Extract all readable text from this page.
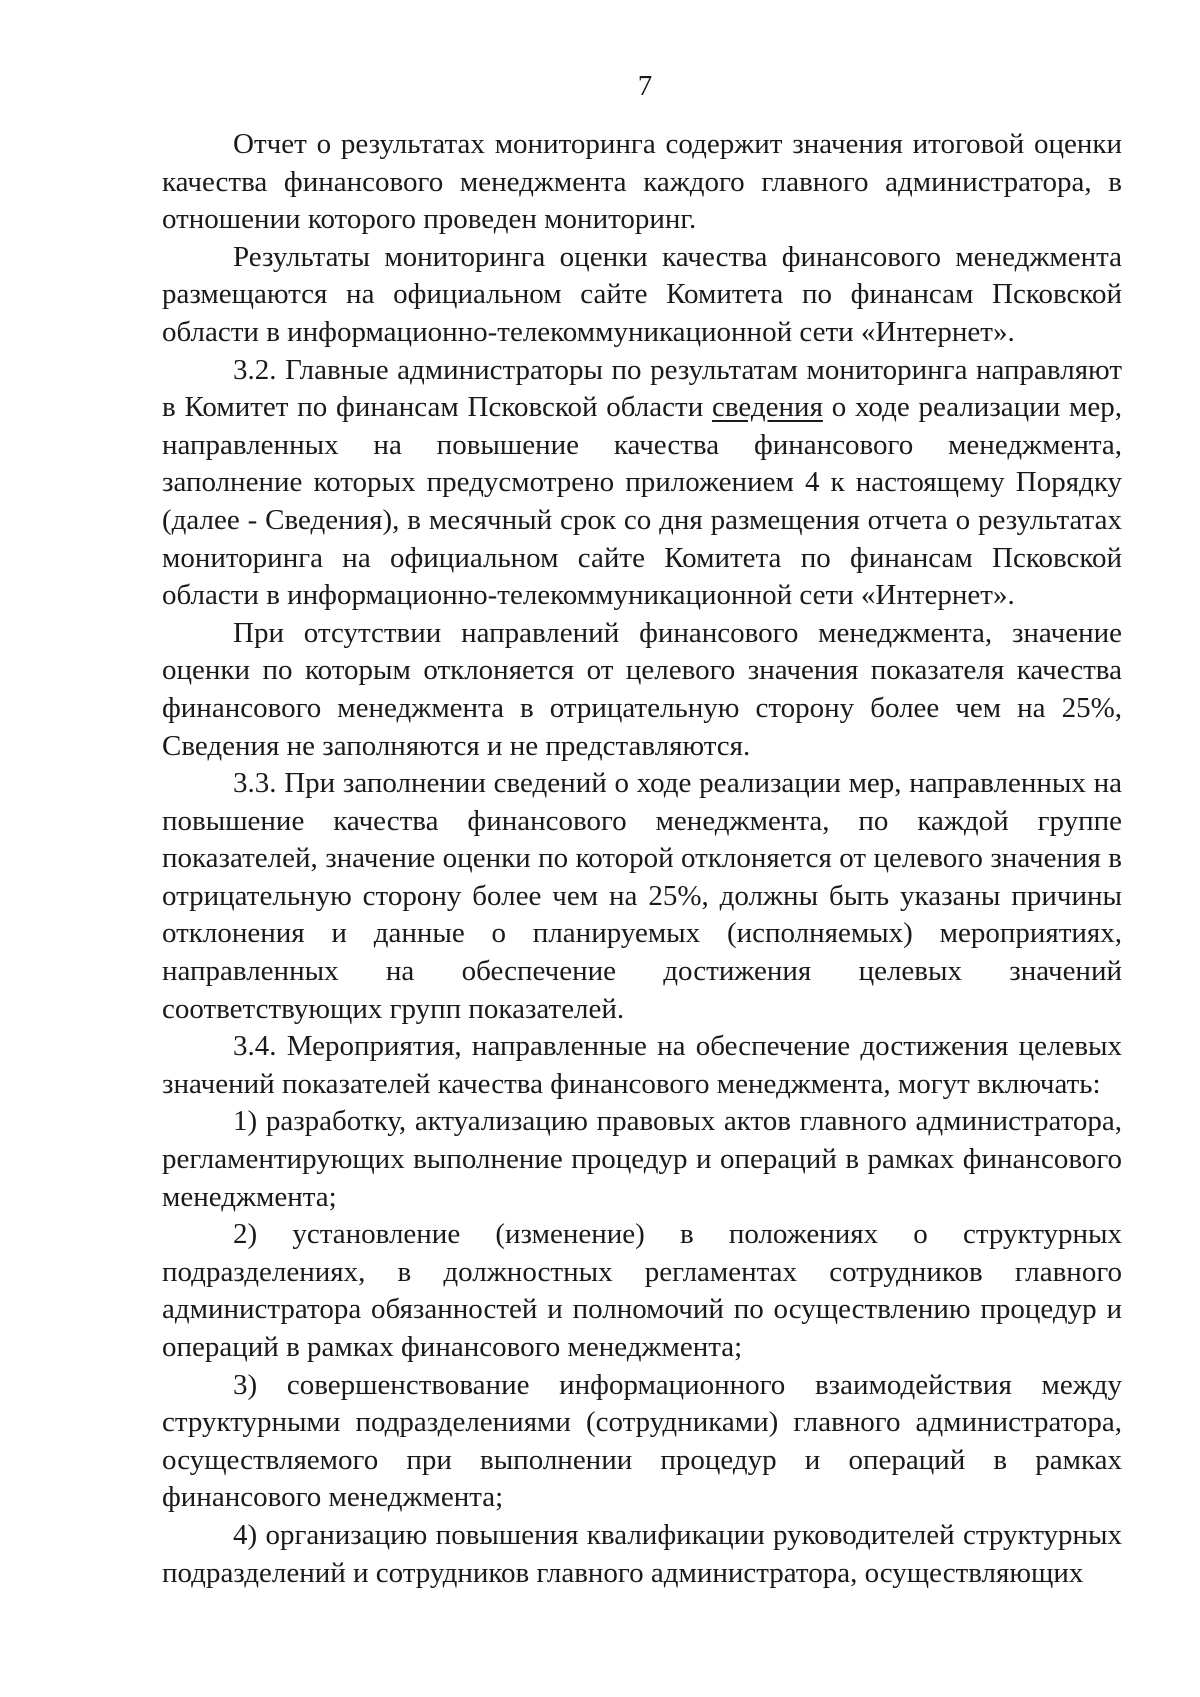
7

Отчет о результатах мониторинга содержит значения итоговой оценки качества финансового менеджмента каждого главного администратора, в отношении которого проведен мониторинг.

Результаты мониторинга оценки качества финансового менеджмента размещаются на официальном сайте Комитета по финансам Псковской области в информационно-телекоммуникационной сети «Интернет».

3.2. Главные администраторы по результатам мониторинга направляют в Комитет по финансам Псковской области сведения о ходе реализации мер, направленных на повышение качества финансового менеджмента, заполнение которых предусмотрено приложением 4 к настоящему Порядку (далее - Сведения), в месячный срок со дня размещения отчета о результатах мониторинга на официальном сайте Комитета по финансам Псковской области в информационно-телекоммуникационной сети «Интернет».

При отсутствии направлений финансового менеджмента, значение оценки по которым отклоняется от целевого значения показателя качества финансового менеджмента в отрицательную сторону более чем на 25%, Сведения не заполняются и не представляются.

3.3. При заполнении сведений о ходе реализации мер, направленных на повышение качества финансового менеджмента, по каждой группе показателей, значение оценки по которой отклоняется от целевого значения в отрицательную сторону более чем на 25%, должны быть указаны причины отклонения и данные о планируемых (исполняемых) мероприятиях, направленных на обеспечение достижения целевых значений соответствующих групп показателей.

3.4. Мероприятия, направленные на обеспечение достижения целевых значений показателей качества финансового менеджмента, могут включать:

1) разработку, актуализацию правовых актов главного администратора, регламентирующих выполнение процедур и операций в рамках финансового менеджмента;

2) установление (изменение) в положениях о структурных подразделениях, в должностных регламентах сотрудников главного администратора обязанностей и полномочий по осуществлению процедур и операций в рамках финансового менеджмента;

3) совершенствование информационного взаимодействия между структурными подразделениями (сотрудниками) главного администратора, осуществляемого при выполнении процедур и операций в рамках финансового менеджмента;

4) организацию повышения квалификации руководителей структурных подразделений и сотрудников главного администратора, осуществляющих
